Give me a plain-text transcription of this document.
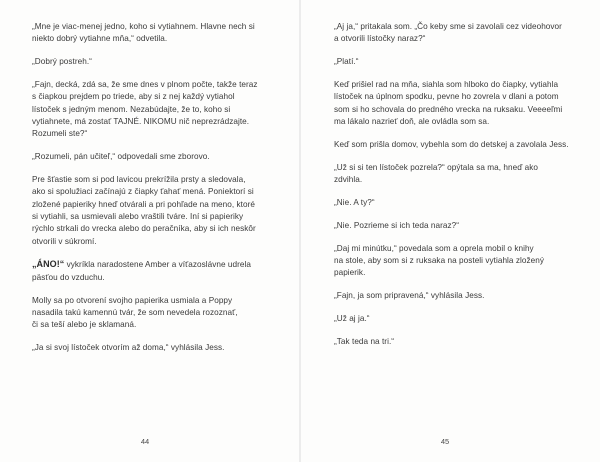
„Mne je viac-menej jedno, koho si vytiahnem. Hlavne nech si
niekto dobrý vytiahne mňa,“ odvetila.

„Dobrý postreh.“

„Fajn, decká, zdá sa, že sme dnes v plnom počte, takže teraz
s čiapkou prejdem po triede, aby si z nej každý vytiahol
lístoček s jedným menom. Nezabúdajte, že to, koho si
vytiahnete, má zostať TAJNÉ. NIKOMU nič neprezrádzajte.
Rozumeli ste?“

„Rozumeli, pán učiteľ,“ odpovedali sme zborovo.

Pre šťastie som si pod lavicou prekrížila prsty a sledovala,
ako si spolužiaci začínajú z čiapky ťahať mená. Poniektorí si
zložené papieriky hneď otvárali a pri pohľade na meno, ktoré
si vytiahli, sa usmievali alebo vraštili tváre. Iní si papieriky
rýchlo strkali do vrecka alebo do peračníka, aby si ich neskôr
otvorili v súkromí.

„ÁNO!“ vykríkla naradostene Amber a víťazoslávne udrela
päsťou do vzduchu.

Molly sa po otvorení svojho papierika usmiala a Poppy
nasadila takú kamennú tvár, že som nevedela rozoznať,
či sa teší alebo je sklamaná.

„Ja si svoj lístoček otvorím až doma,“ vyhlásila Jess.

44

„Aj ja,“ pritakala som. „Čo keby sme si zavolali cez videohovor
a otvorili lístočky naraz?“

„Platí.“

Keď prišiel rad na mňa, siahla som hlboko do čiapky, vytiahla
lístoček na úplnom spodku, pevne ho zovrela v dlani a potom
som si ho schovala do predného vrecka na ruksaku. Veeeeľmi
ma lákalo nazrieť doň, ale ovládla som sa.

Keď som prišla domov, vybehla som do detskej a zavolala Jess.

„Už si si ten lístoček pozrela?“ opýtala sa ma, hneď ako
zdvihla.

„Nie. A ty?“

„Nie. Pozrieme si ich teda naraz?“

„Daj mi minútku,“ povedala som a oprela mobil o knihy
na stole, aby som si z ruksaka na posteli vytiahla zložený
papierik.

„Fajn, ja som pripravená,“ vyhlásila Jess.

„Už aj ja.“

„Tak teda na tri.“

45
